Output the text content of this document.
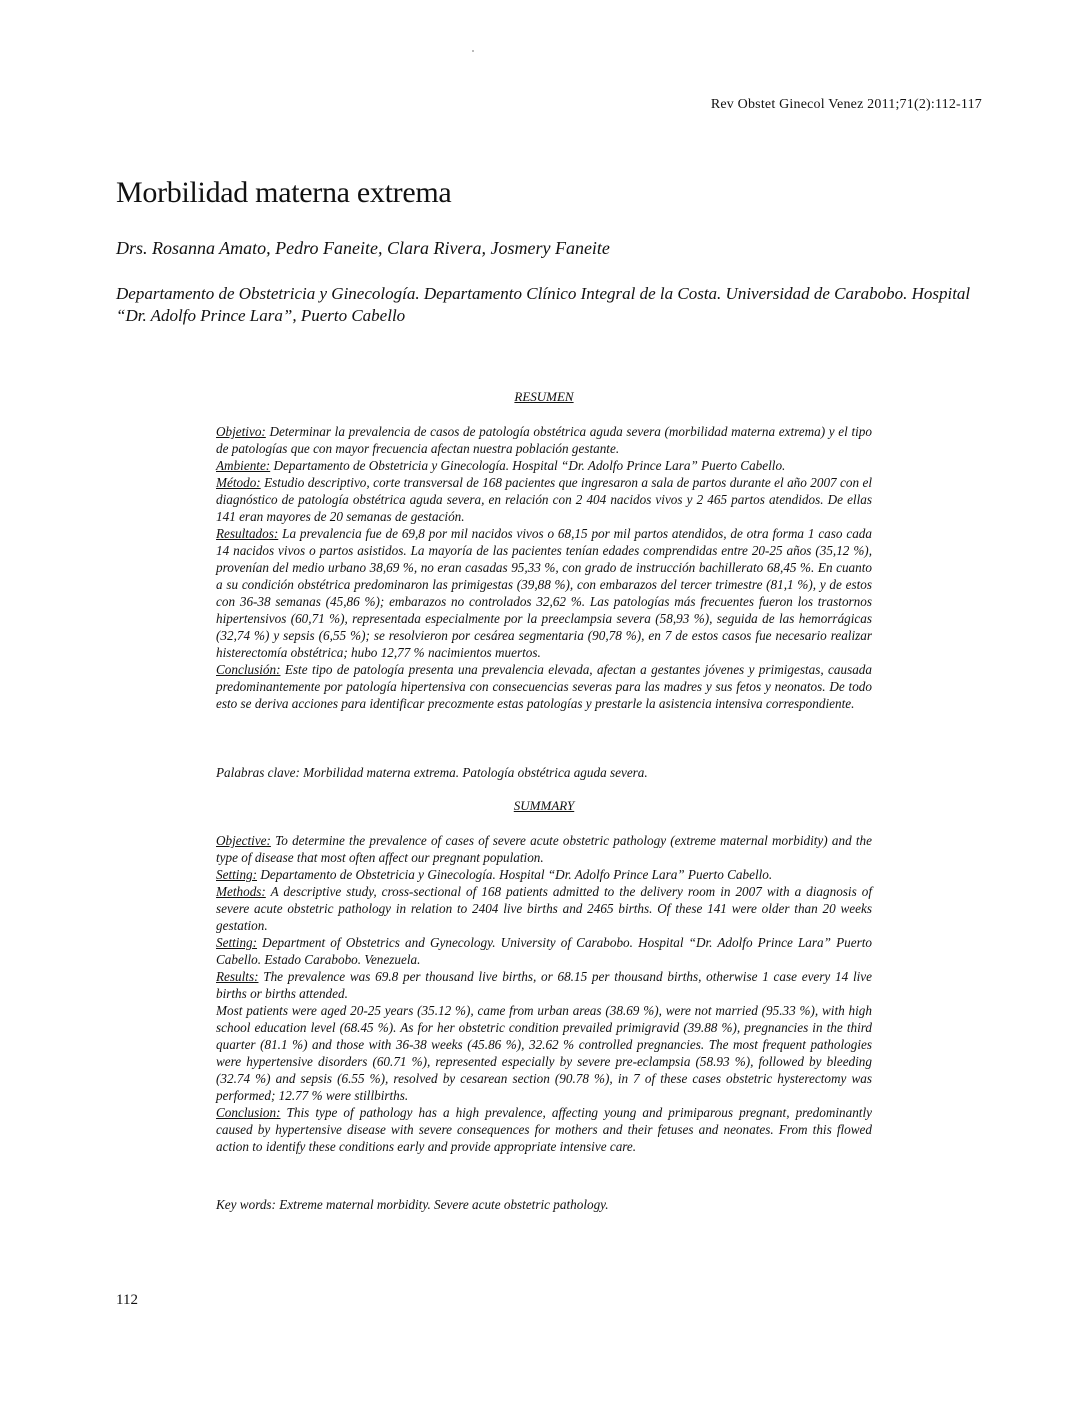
Rev Obstet Ginecol Venez 2011;71(2):112-117
Morbilidad materna extrema
Drs. Rosanna Amato, Pedro Faneite, Clara Rivera, Josmery Faneite
Departamento de Obstetricia y Ginecología. Departamento Clínico Integral de la Costa. Universidad de Carabobo. Hospital “Dr. Adolfo Prince Lara”, Puerto Cabello
RESUMEN

Objetivo: Determinar la prevalencia de casos de patología obstétrica aguda severa (morbilidad materna extrema) y el tipo de patologías que con mayor frecuencia afectan nuestra población gestante.

Ambiente: Departamento de Obstetricia y Ginecología. Hospital “Dr. Adolfo Prince Lara” Puerto Cabello.

Método: Estudio descriptivo, corte transversal de 168 pacientes que ingresaron a sala de partos durante el año 2007 con el diagnóstico de patología obstétrica aguda severa, en relación con 2 404 nacidos vivos y 2 465 partos atendidos. De ellas 141 eran mayores de 20 semanas de gestación.

Resultados: La prevalencia fue de 69,8 por mil nacidos vivos o 68,15 por mil partos atendidos, de otra forma 1 caso cada 14 nacidos vivos o partos asistidos. La mayoría de las pacientes tenían edades comprendidas entre 20-25 años (35,12 %), provenían del medio urbano 38,69 %, no eran casadas 95,33 %, con grado de instrucción bachillerato 68,45 %. En cuanto a su condición obstétrica predominaron las primigestas (39,88 %), con embarazos del tercer trimestre (81,1 %), y de estos con 36-38 semanas (45,86 %); embarazos no controlados 32,62 %. Las patologías más frecuentes fueron los trastornos hipertensivos (60,71 %), representada especialmente por la preeclampsia severa (58,93 %), seguida de las hemorrágicas (32,74 %) y sepsis (6,55 %); se resolvieron por cesárea segmentaria (90,78 %), en 7 de estos casos fue necesario realizar histerectomía obstétrica; hubo 12,77 % nacimientos muertos.

Conclusión: Este tipo de patología presenta una prevalencia elevada, afectan a gestantes jóvenes y primigestas, causada predominantemente por patología hipertensiva con consecuencias severas para las madres y sus fetos y neonatos. De todo esto se deriva acciones para identificar precozmente estas patologías y prestarle la asistencia intensiva correspondiente.

Palabras clave: Morbilidad materna extrema. Patología obstétrica aguda severa.
SUMMARY

Objective: To determine the prevalence of cases of severe acute obstetric pathology (extreme maternal morbidity) and the type of disease that most often affect our pregnant population.

Setting: Departamento de Obstetricia y Ginecología. Hospital “Dr. Adolfo Prince Lara” Puerto Cabello.

Methods: A descriptive study, cross-sectional of 168 patients admitted to the delivery room in 2007 with a diagnosis of severe acute obstetric pathology in relation to 2404 live births and 2465 births. Of these 141 were older than 20 weeks gestation.

Setting: Department of Obstetrics and Gynecology. University of Carabobo. Hospital “Dr. Adolfo Prince Lara” Puerto Cabello. Estado Carabobo. Venezuela.

Results: The prevalence was 69.8 per thousand live births, or 68.15 per thousand births, otherwise 1 case every 14 live births or births attended.

Most patients were aged 20-25 years (35.12 %), came from urban areas (38.69 %), were not married (95.33 %), with high school education level (68.45 %). As for her obstetric condition prevailed primigravid (39.88 %), pregnancies in the third quarter (81.1 %) and those with 36-38 weeks (45.86 %), 32.62 % controlled pregnancies. The most frequent pathologies were hypertensive disorders (60.71 %), represented especially by severe pre-eclampsia (58.93 %), followed by bleeding (32.74 %) and sepsis (6.55 %), resolved by cesarean section (90.78 %), in 7 of these cases obstetric hysterectomy was performed; 12.77 % were stillbirths.

Conclusion: This type of pathology has a high prevalence, affecting young and primiparous pregnant, predominantly caused by hypertensive disease with severe consequences for mothers and their fetuses and neonates. From this flowed action to identify these conditions early and provide appropriate intensive care.

Key words: Extreme maternal morbidity. Severe acute obstetric pathology.
112
